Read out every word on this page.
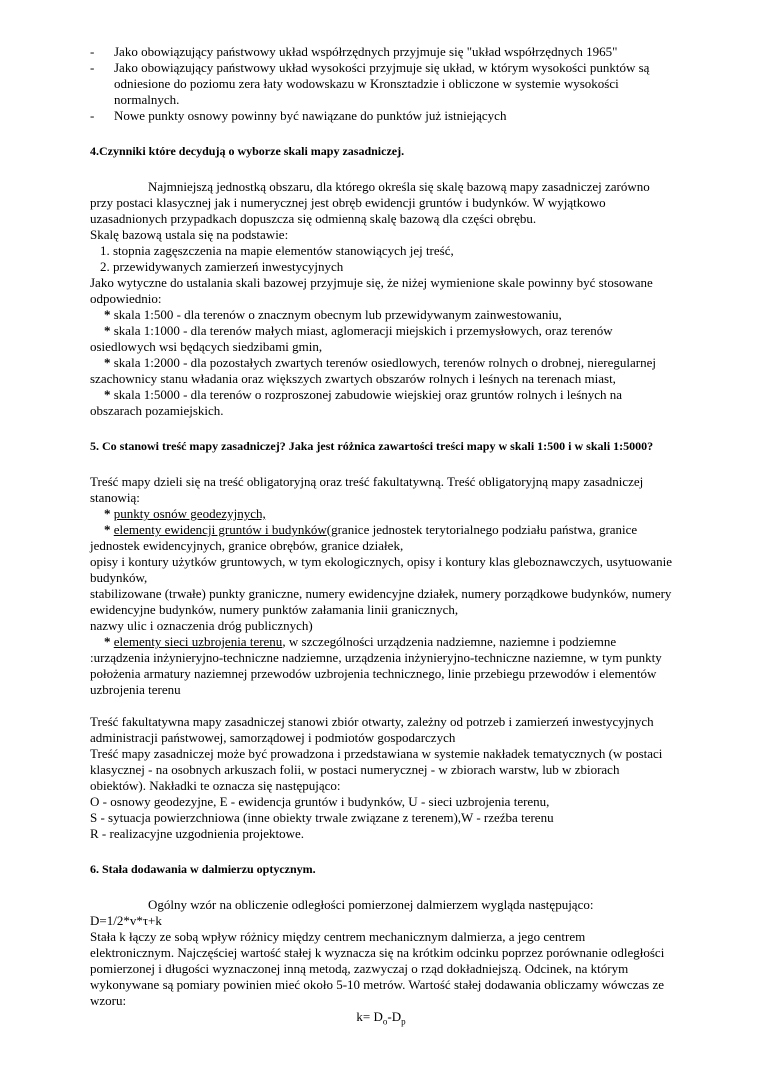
- Jako obowiązujący państwowy układ współrzędnych przyjmuje się "układ współrzędnych 1965"
- Jako obowiązujący państwowy układ wysokości przyjmuje się układ, w którym wysokości punktów są odniesione do poziomu zera łaty wodowskazu w Kronsztadzie i obliczone w systemie wysokości normalnych.
- Nowe punkty osnowy powinny być nawiązane do punktów już istniejących

4.Czynniki które decydują o wyborze skali mapy zasadniczej.

Najmniejszą jednostką obszaru, dla którego określa się skalę bazową mapy zasadniczej zarówno przy postaci klasycznej jak i numerycznej jest obręb ewidencji gruntów i budynków. W wyjątkowo uzasadnionych przypadkach dopuszcza się odmienną skalę bazową dla części obrębu.

Skalę bazową ustala się na podstawie:

1. stopnia zagęszczenia na mapie elementów stanowiących jej treść,
2. przewidywanych zamierzeń inwestycyjnych

Jako wytyczne do ustalania skali bazowej przyjmuje się, że niżej wymienione skale powinny być stosowane odpowiednio:

* skala 1:500 - dla terenów o znacznym obecnym lub przewidywanym zainwestowaniu,

* skala 1:1000 - dla terenów małych miast, aglomeracji miejskich i przemysłowych, oraz terenów osiedlowych wsi będących siedzibami gmin,

* skala 1:2000 - dla pozostałych zwartych terenów osiedlowych, terenów rolnych o drobnej, nieregularnej szachownicy stanu władania oraz większych zwartych obszarów rolnych i leśnych na terenach miast,

* skala 1:5000 - dla terenów o rozproszonej zabudowie wiejskiej oraz gruntów rolnych i leśnych na obszarach pozamiejskich.

5. Co stanowi treść mapy zasadniczej? Jaka jest różnica zawartości treści mapy w skali 1:500 i w skali 1:5000?

Treść mapy dzieli się na treść obligatoryjną oraz treść fakultatywną. Treść obligatoryjną mapy zasadniczej stanowią:

* punkty osnów geodezyjnych,

* elementy ewidencji gruntów i budynków(granice jednostek terytorialnego podziału państwa, granice jednostek ewidencyjnych, granice obrębów, granice działek,

opisy i kontury użytków gruntowych, w tym ekologicznych, opisy i kontury klas gleboznawczych, usytuowanie budynków,

stabilizowane (trwałe) punkty graniczne, numery ewidencyjne działek, numery porządkowe budynków, numery ewidencyjne budynków, numery punktów załamania linii granicznych,

nazwy ulic i oznaczenia dróg publicznych)

* elementy sieci uzbrojenia terenu, w szczególności urządzenia nadziemne, naziemne i podziemne :urządzenia inżynieryjno-techniczne nadziemne, urządzenia inżynieryjno-techniczne naziemne, w tym punkty położenia armatury naziemnej przewodów uzbrojenia technicznego, linie przebiegu przewodów i elementów uzbrojenia terenu

Treść fakultatywna mapy zasadniczej stanowi zbiór otwarty, zależny od potrzeb i zamierzeń inwestycyjnych administracji państwowej, samorządowej i podmiotów gospodarczych

Treść mapy zasadniczej może być prowadzona i przedstawiana w systemie nakładek tematycznych (w postaci klasycznej - na osobnych arkuszach folii, w postaci numerycznej - w zbiorach warstw, lub w zbiorach obiektów). Nakładki te oznacza się następująco:

O - osnowy geodezyjne, E - ewidencja gruntów i budynków, U - sieci uzbrojenia terenu,

S - sytuacja powierzchniowa (inne obiekty trwale związane z terenem),W - rzeźba terenu

R - realizacyjne uzgodnienia projektowe.

6. Stała dodawania w dalmierzu optycznym.

Ogólny wzór na obliczenie odległości pomierzonej dalmierzem wygląda następująco:

D=1/2*v*τ+k

Stała k łączy ze sobą wpływ różnicy między centrem mechanicznym dalmierza, a jego centrem elektronicznym. Najczęściej wartość stałej k wyznacza się na krótkim odcinku poprzez porównanie odległości pomierzonej i długości wyznaczonej inną metodą, zazwyczaj o rząd dokładniejszą. Odcinek, na którym wykonywane są pomiary powinien mieć około 5-10 metrów. Wartość stałej dodawania obliczamy wówczas ze wzoru:

$k= D_o-D_p$
